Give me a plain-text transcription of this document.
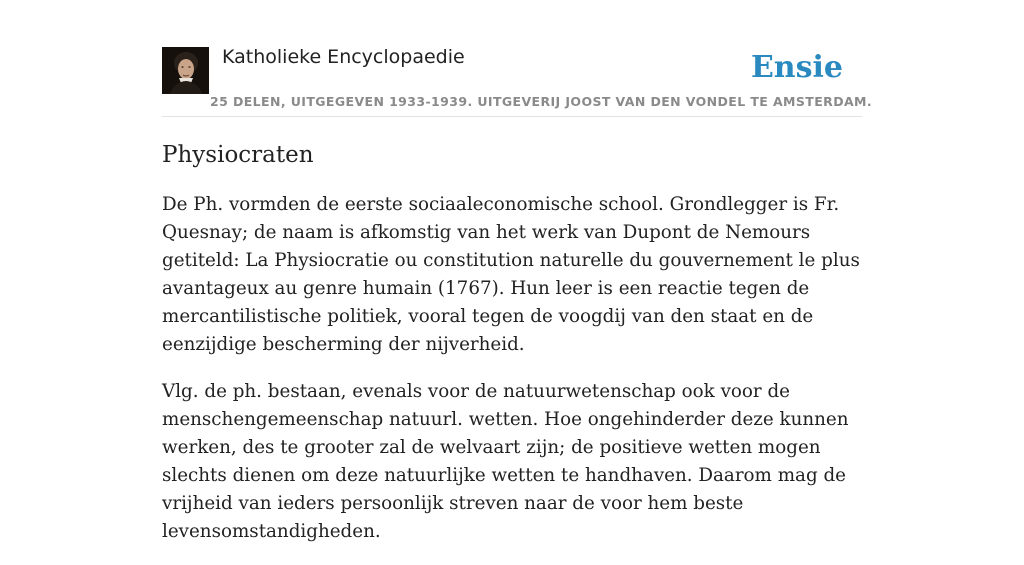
Katholieke Encyclopaedie
25 DELEN, UITGEGEVEN 1933-1939. UITGEVERIJ JOOST VAN DEN VONDEL TE AMSTERDAM.
Ensie
Physiocraten

De Ph. vormden de eerste sociaaleconomische school. Grondlegger is Fr. Quesnay; de naam is afkomstig van het werk van Dupont de Nemours getiteld: La Physiocratie ou constitution naturelle du gouvernement le plus avantageux au genre humain (1767). Hun leer is een reactie tegen de mercantilistische politiek, vooral tegen de voogdij van den staat en de eenzijdige bescherming der nijverheid.

Vlg. de ph. bestaan, evenals voor de natuurwetenschap ook voor de menschengemeenschap natuurl. wetten. Hoe ongehinderder deze kunnen werken, des te grooter zal de welvaart zijn; de positieve wetten mogen slechts dienen om deze natuurlijke wetten te handhaven. Daarom mag de vrijheid van ieders persoonlijk streven naar de voor hem beste levensomstandigheden.
